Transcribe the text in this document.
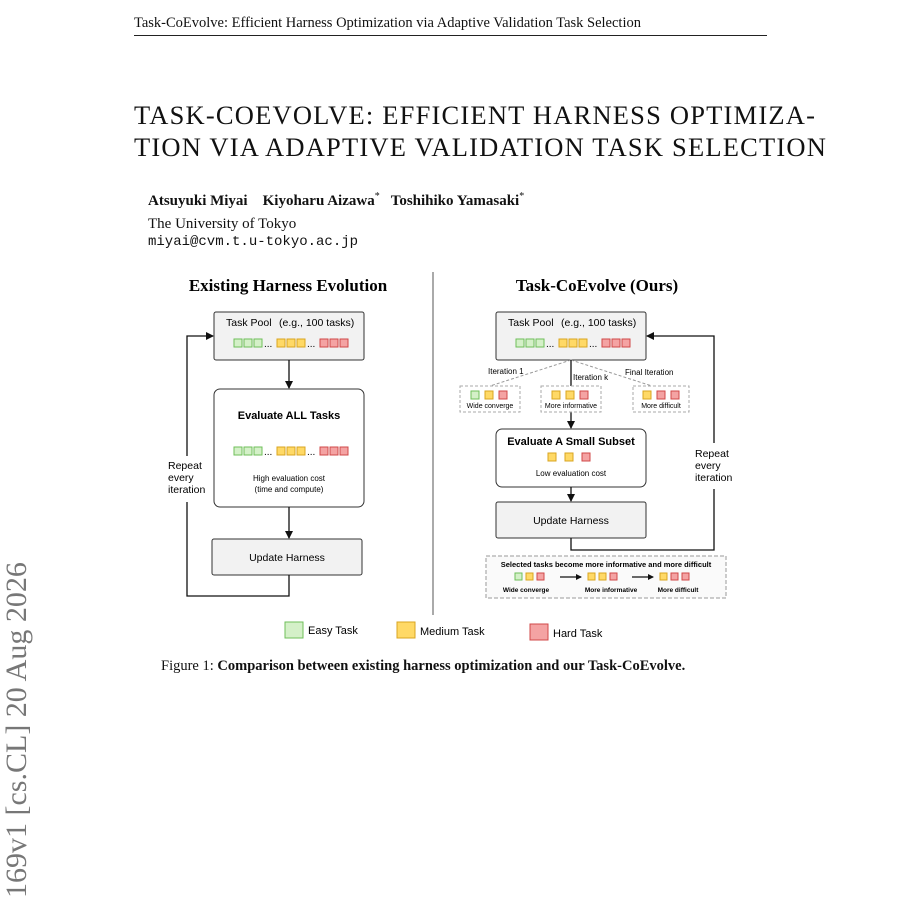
Task-CoEvolve: Efficient Harness Optimization via Adaptive Validation Task Selection
TASK-COEVOLVE: EFFICIENT HARNESS OPTIMIZA-
TION VIA ADAPTIVE VALIDATION TASK SELECTION
Atsuyuki Miyai Kiyoharu Aizawa* Toshihiko Yamasaki*
The University of Tokyo
miyai@cvm.t.u-tokyo.ac.jp
169v1 [cs.CL] 20 Aug 2026
Existing Harness Evolution
Task Pool (e.g., 100 tasks)
...	...
Evaluate ALL Tasks
...	...
High evaluation cost
(time and compute)
Update Harness
Repeat
every
iteration
Task-CoEvolve (Ours)
Task Pool (e.g., 100 tasks)
...	...
Iteration 1
Iteration k
Final Iteration
Wide converge	More informative	More difficult
Evaluate A Small Subset
Low evaluation cost
Update Harness
Repeat
every
iteration
Selected tasks become more informative and more difficult
Wide converge	More informative	More difficult
Easy Task	Medium Task	Hard Task
Figure 1: Comparison between existing harness optimization and our Task-CoEvolve.
